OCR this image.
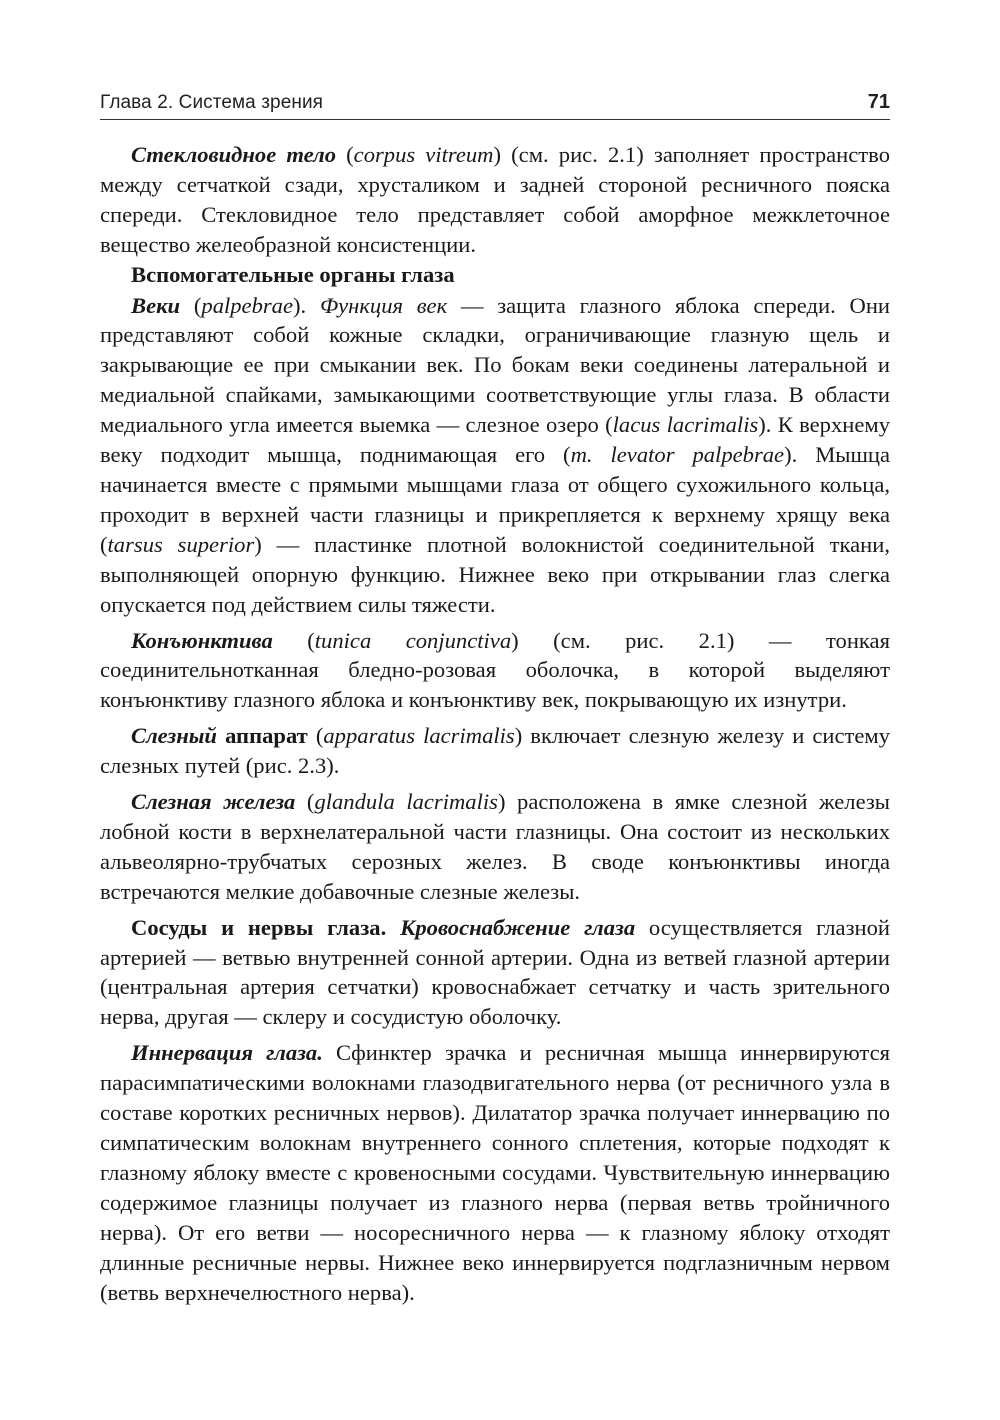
Глава 2. Система зрения	71

Стекловидное тело (corpus vitreum) (см. рис. 2.1) заполняет пространство между сетчаткой сзади, хрусталиком и задней стороной ресничного пояска спереди. Стекловидное тело представляет собой аморфное межклеточное вещество желеобразной консистенции.

Вспомогательные органы глаза

Веки (palpebrae). Функция век — защита глазного яблока спереди. Они представляют собой кожные складки, ограничивающие глазную щель и закрывающие ее при смыкании век. По бокам веки соединены латеральной и медиальной спайками, замыкающими соответствующие углы глаза. В области медиального угла имеется выемка — слезное озеро (lacus lacrimalis). К верхнему веку подходит мышца, поднимающая его (m. levator palpebrae). Мышца начинается вместе с прямыми мышцами глаза от общего сухожильного кольца, проходит в верхней части глазницы и прикрепляется к верхнему хрящу века (tarsus superior) — пластинке плотной волокнистой соединительной ткани, выполняющей опорную функцию. Нижнее веко при открывании глаз слегка опускается под действием силы тяжести.

Конъюнктива (tunica conjunctiva) (см. рис. 2.1) — тонкая соединительнотканная бледно-розовая оболочка, в которой выделяют конъюнктиву глазного яблока и конъюнктиву век, покрывающую их изнутри.

Слезный аппарат (apparatus lacrimalis) включает слезную железу и систему слезных путей (рис. 2.3).

Слезная железа (glandula lacrimalis) расположена в ямке слезной железы лобной кости в верхнелатеральной части глазницы. Она состоит из нескольких альвеолярно-трубчатых серозных желез. В своде конъюнктивы иногда встречаются мелкие добавочные слезные железы.

Сосуды и нервы глаза. Кровоснабжение глаза осуществляется глазной артерией — ветвью внутренней сонной артерии. Одна из ветвей глазной артерии (центральная артерия сетчатки) кровоснабжает сетчатку и часть зрительного нерва, другая — склеру и сосудистую оболочку.

Иннервация глаза. Сфинктер зрачка и ресничная мышца иннервируются парасимпатическими волокнами глазодвигательного нерва (от ресничного узла в составе коротких ресничных нервов). Дилататор зрачка получает иннервацию по симпатическим волокнам внутреннего сонного сплетения, которые подходят к глазному яблоку вместе с кровеносными сосудами. Чувствительную иннервацию содержимое глазницы получает из глазного нерва (первая ветвь тройничного нерва). От его ветви — носоресничного нерва — к глазному яблоку отходят длинные ресничные нервы. Нижнее веко иннервируется подглазничным нервом (ветвь верхнечелюстного нерва).
